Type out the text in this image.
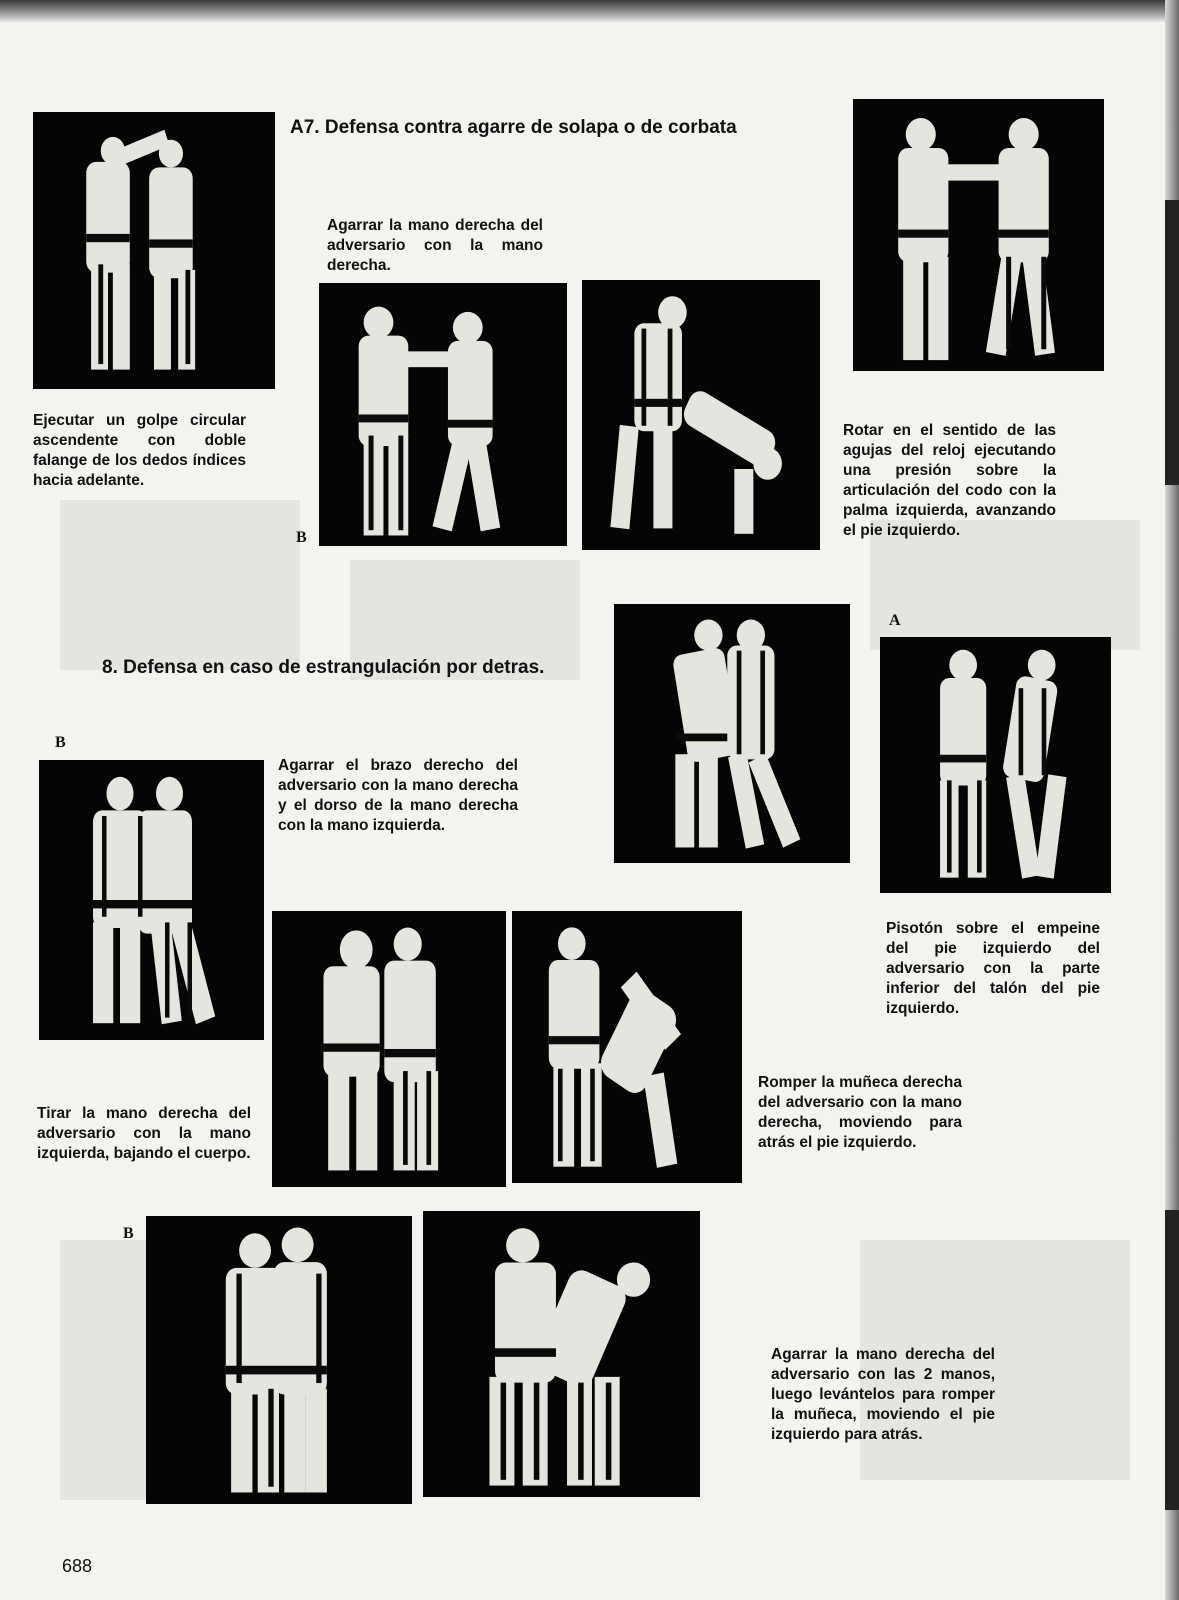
A7. Defensa contra agarre de solapa o de corbata
Agarrar la mano derecha del adversario con la mano derecha.
B
Ejecutar un golpe circular ascendente con doble falange de los dedos índices hacia adelante.
Rotar en el sentido de las agujas del reloj ejecutando una presión sobre la articulación del codo con la palma izquierda, avanzando el pie izquierdo.
8. Defensa en caso de estrangulación por detras.
A
B
Agarrar el brazo derecho del adversario con la mano derecha y el dorso de la mano derecha con la mano izquierda.
Pisotón sobre el empeine del pie izquierdo del adversario con la parte inferior del talón del pie izquierdo.
Tirar la mano derecha del adversario con la mano izquierda, bajando el cuerpo.
Romper la muñeca derecha del adversario con la mano derecha, moviendo para atrás el pie izquierdo.
B
Agarrar la mano derecha del adversario con las 2 manos, luego levántelos para romper la muñeca, moviendo el pie izquierdo para atrás.
688
